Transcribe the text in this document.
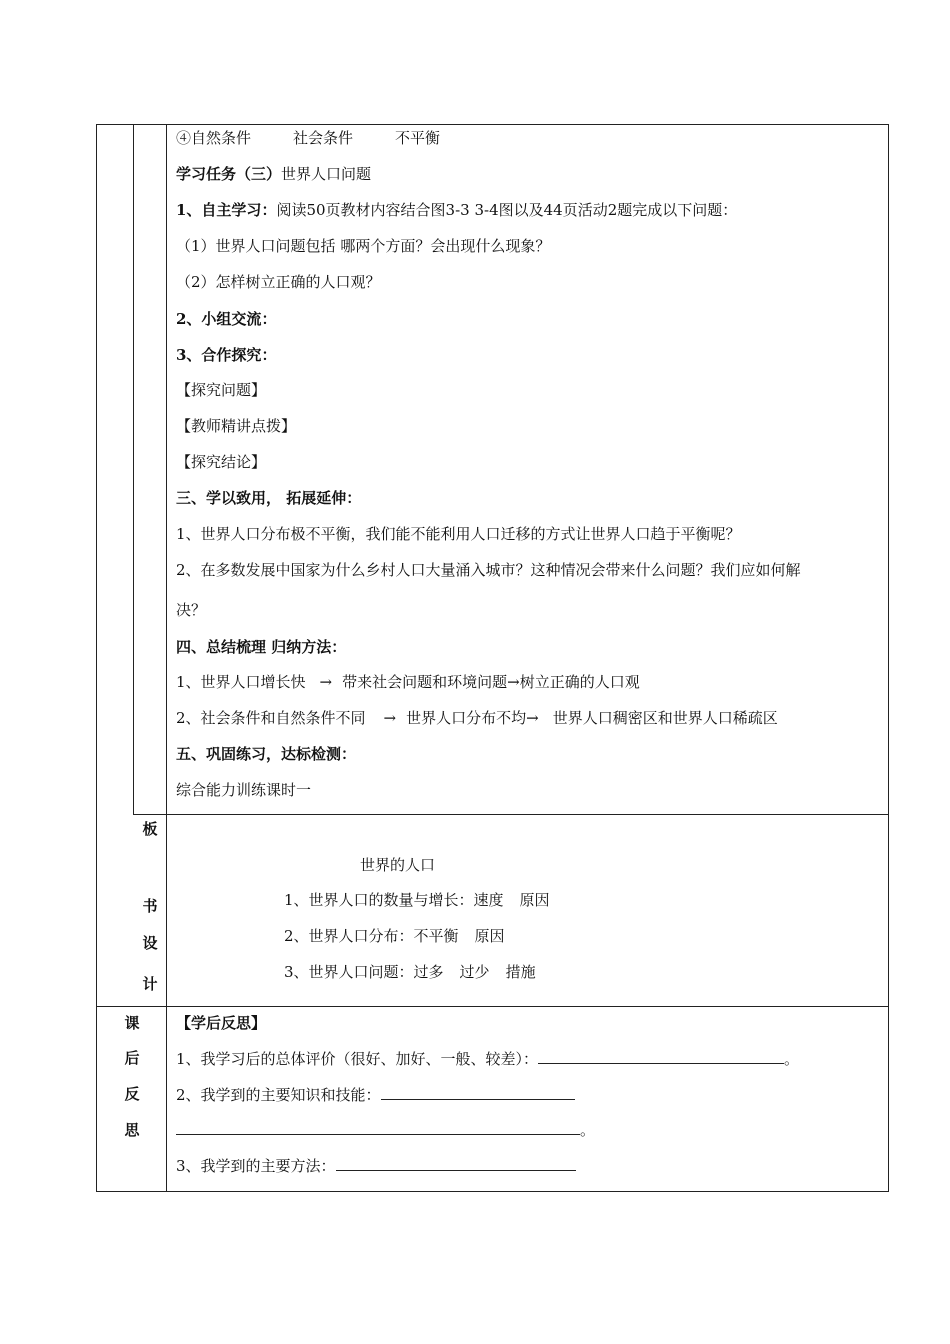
④自然条件	社会条件	不平衡
学习任务（三）世界人口问题
1、自主学习：阅读50页教材内容结合图3-3 3-4图以及44页活动2题完成以下问题：
（1）世界人口问题包括 哪两个方面？会出现什么现象？
（2）怎样树立正确的人口观？
2、小组交流：
3、合作探究：
【探究问题】
【教师精讲点拨】
【探究结论】
三、学以致用， 拓展延伸：
1、世界人口分布极不平衡，我们能不能利用人口迁移的方式让世界人口趋于平衡呢？
2、在多数发展中国家为什么乡村人口大量涌入城市？这种情况会带来什么问题？我们应如何解
决？
四、总结梳理 归纳方法：
1、世界人口增长快 → 带来社会问题和环境问题→树立正确的人口观
2、社会条件和自然条件不同 → 世界人口分布不均→ 世界人口稠密区和世界人口稀疏区
五、巩固练习，达标检测：
综合能力训练课时一
板
书
设
计
世界的人口
1、世界人口的数量与增长：速度 原因
2、世界人口分布：不平衡 原因
3、世界人口问题：过多 过少 措施
课
后
反
思
【学后反思】
1、我学习后的总体评价（很好、加好、一般、较差）：	。
2、我学到的主要知识和技能：
。
3、我学到的主要方法：
